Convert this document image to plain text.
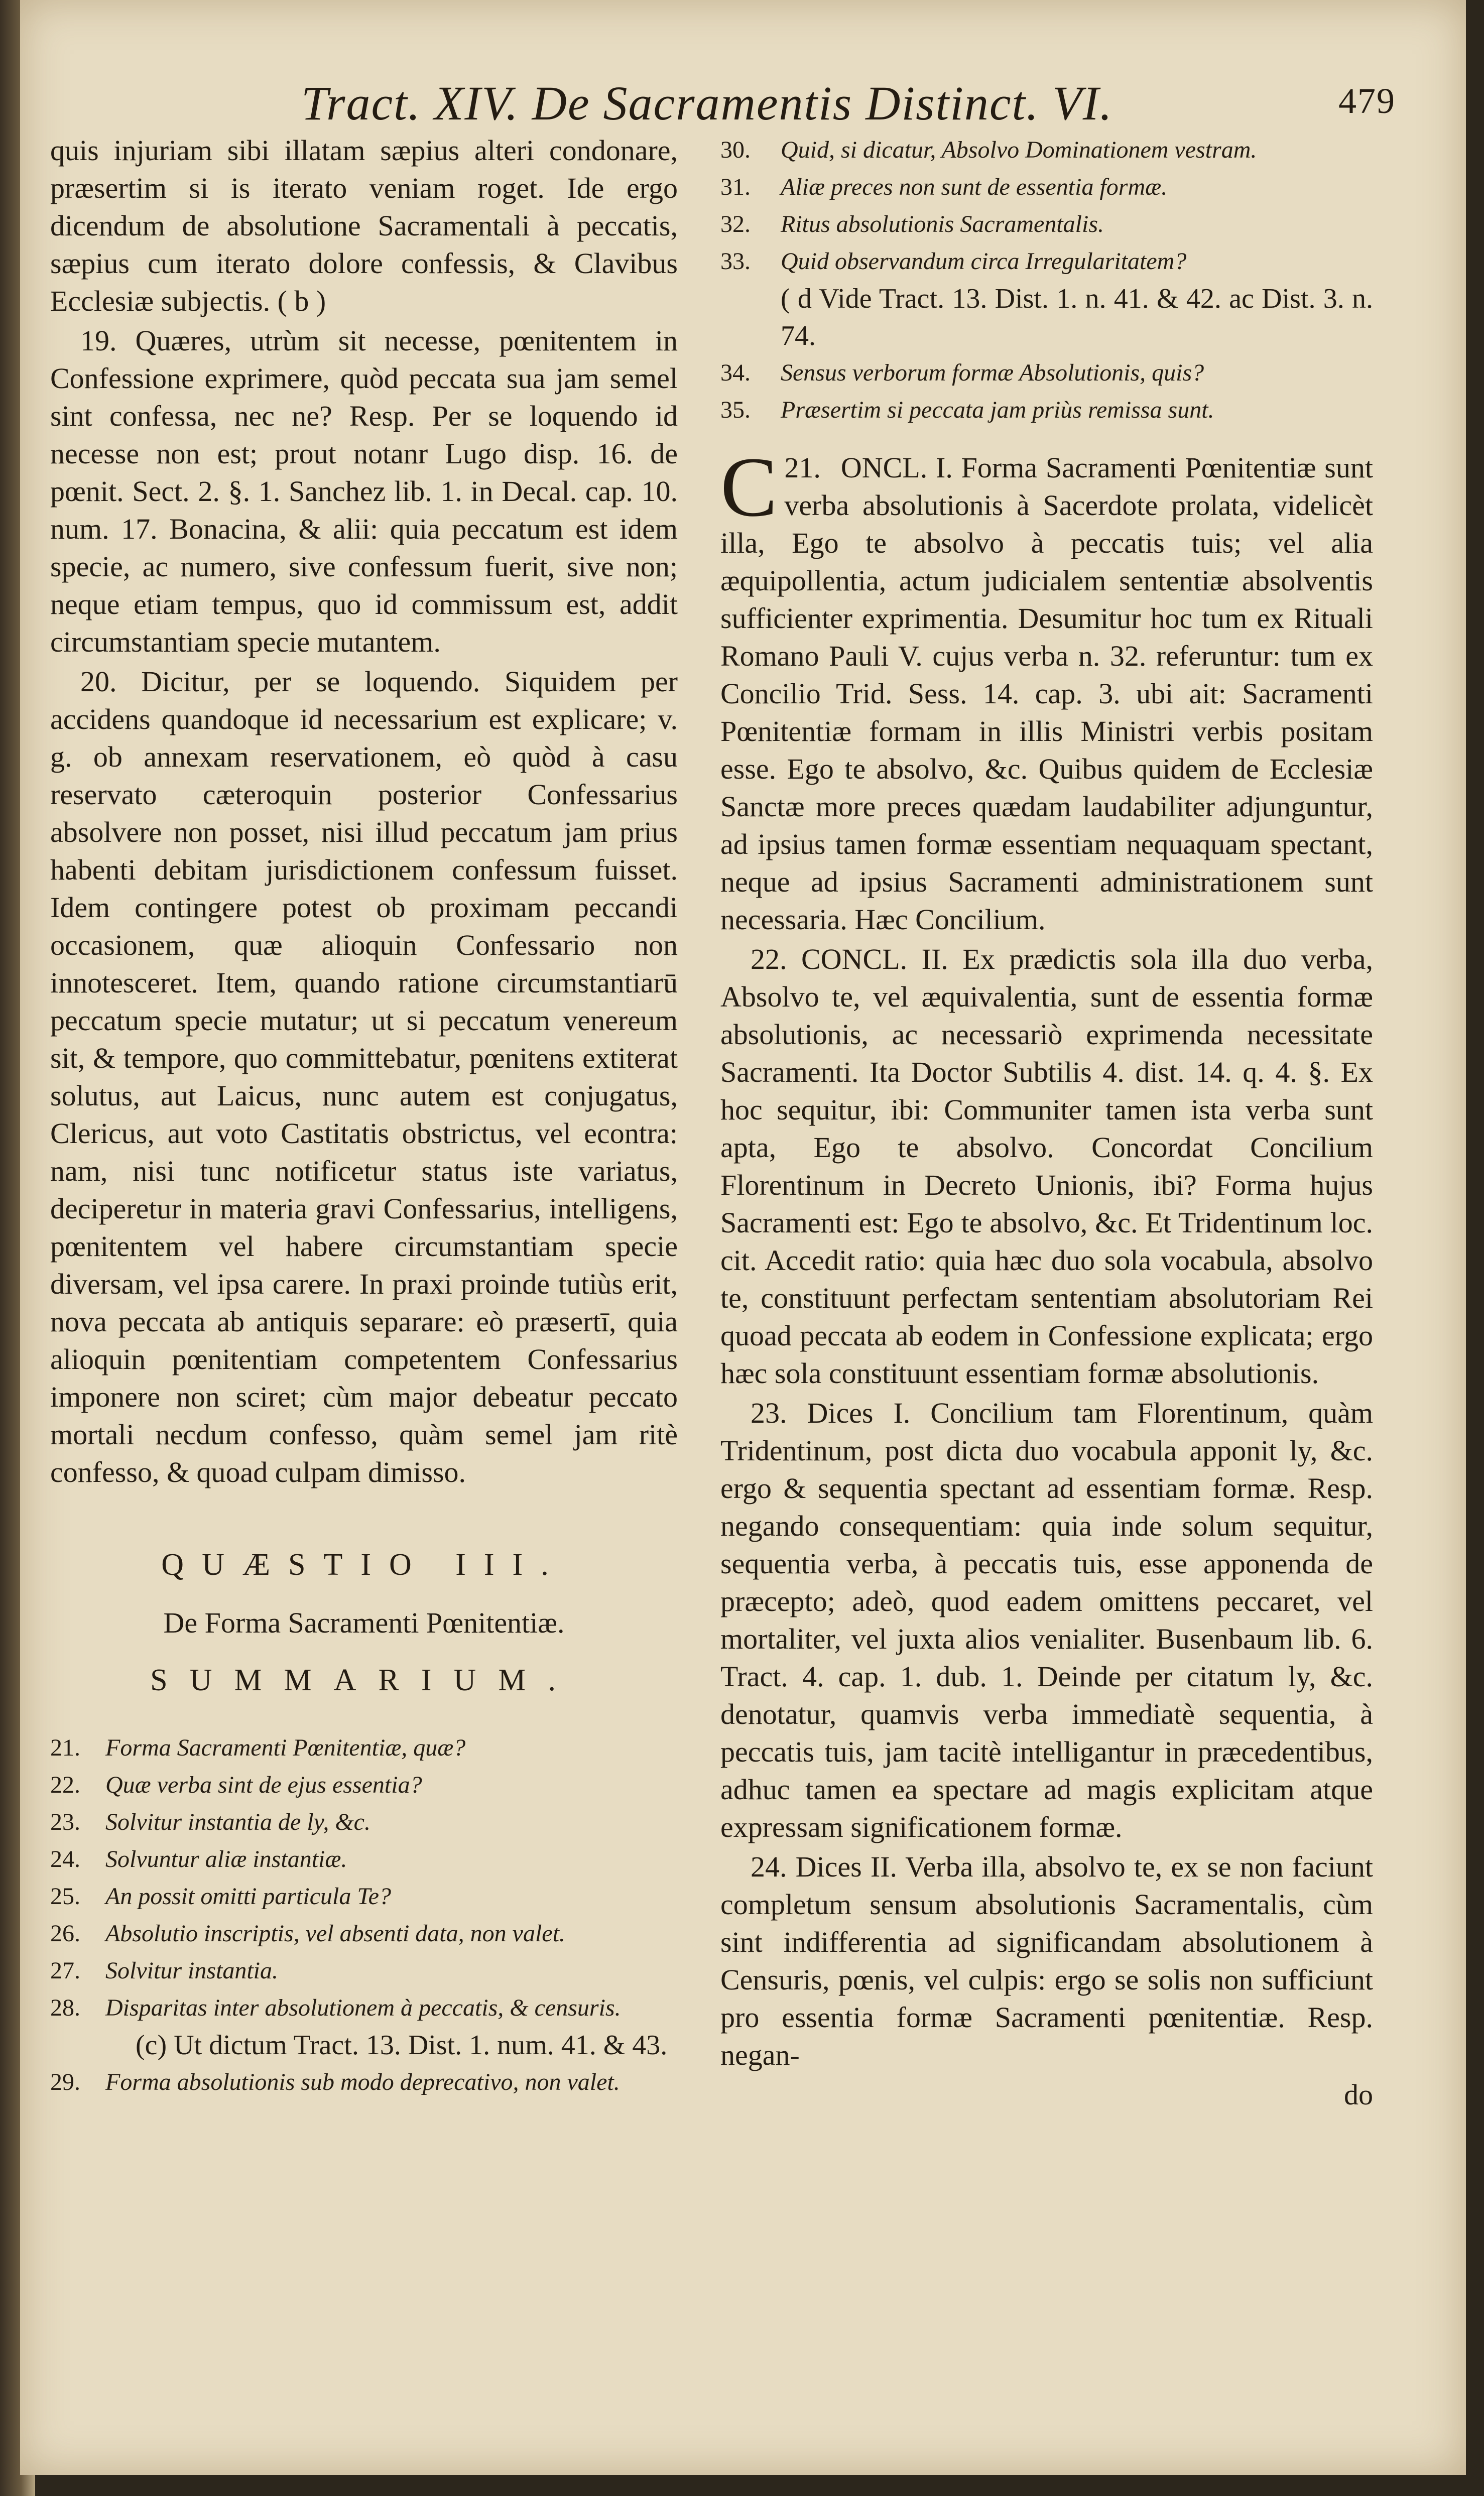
Tract. XIV. De Sacramentis Distinct. VI.	479

quis injuriam sibi illatam sæpius alteri condonare, præsertim si is iterato veniam roget. Ide ergo dicendum de absolutione Sacramentali à peccatis, sæpius cum iterato dolore confessis, & Clavibus Ecclesiæ subjectis. ( b )

19. Quæres, utrùm sit necesse, pœnitentem in Confessione exprimere, quòd peccata sua jam semel sint confessa, nec ne? Resp. Per se loquendo id necesse non est; prout notanr Lugo disp. 16. de pœnit. Sect. 2. §. 1. Sanchez lib. 1. in Decal. cap. 10. num. 17. Bonacina, & alii: quia peccatum est idem specie, ac numero, sive confessum fuerit, sive non; neque etiam tempus, quo id commissum est, addit circumstantiam specie mutantem.

20. Dicitur, per se loquendo. Siquidem per accidens quandoque id necessarium est explicare; v. g. ob annexam reservationem, eò quòd à casu reservato cæteroquin posterior Confessarius absolvere non posset, nisi illud peccatum jam prius habenti debitam jurisdictionem confessum fuisset. Idem contingere potest ob proximam peccandi occasionem, quæ alioquin Confessario non innotesceret. Item, quando ratione circumstantiarū peccatum specie mutatur; ut si peccatum venereum sit, & tempore, quo committebatur, pœnitens extiterat solutus, aut Laicus, nunc autem est conjugatus, Clericus, aut voto Castitatis obstrictus, vel econtra: nam, nisi tunc notificetur status iste variatus, deciperetur in materia gravi Confessarius, intelligens, pœnitentem vel habere circumstantiam specie diversam, vel ipsa carere. In praxi proinde tutiùs erit, nova peccata ab antiquis separare: eò præsertī, quia alioquin pœnitentiam competentem Confessarius imponere non sciret; cùm major debeatur peccato mortali necdum confesso, quàm semel jam ritè confesso, & quoad culpam dimisso.

QUÆSTIO III.

De Forma Sacramenti Pœnitentiæ.

SUMMARIUM.

21.	Forma Sacramenti Pœnitentiæ, quæ?
22.	Quæ verba sint de ejus essentia?
23.	Solvitur instantia de ly, &c.
24.	Solvuntur aliæ instantiæ.
25.	An possit omitti particula Te?
26.	Absolutio inscriptis, vel absenti data, non valet.
27.	Solvitur instantia.
28.	Disparitas inter absolutionem à peccatis, & censuris.
(c) Ut dictum Tract. 13. Dist. 1. num. 41. & 43.
29.	Forma absolutionis sub modo deprecativo, non valet.
30.	Quid, si dicatur, Absolvo Dominationem vestram.
31.	Aliæ preces non sunt de essentia formæ.
32.	Ritus absolutionis Sacramentalis.
33.	Quid observandum circa Irregularitatem?
( d Vide Tract. 13. Dist. 1. n. 41. & 42. ac Dist. 3. n. 74.
34.	Sensus verborum formæ Absolutionis, quis?
35.	Præsertim si peccata jam priùs remissa sunt.

21.
C ONCL. I. Forma Sacramenti Pœnitentiæ sunt verba absolutionis à Sacerdote prolata, videlicèt illa, Ego te absolvo à peccatis tuis; vel alia æquipollentia, actum judicialem sententiæ absolventis sufficienter exprimentia. Desumitur hoc tum ex Rituali Romano Pauli V. cujus verba n. 32. referuntur: tum ex Concilio Trid. Sess. 14. cap. 3. ubi ait: Sacramenti Pœnitentiæ formam in illis Ministri verbis positam esse. Ego te absolvo, &c. Quibus quidem de Ecclesiæ Sanctæ more preces quædam laudabiliter adjunguntur, ad ipsius tamen formæ essentiam nequaquam spectant, neque ad ipsius Sacramenti administrationem sunt necessaria. Hæc Concilium.

22. CONCL. II. Ex prædictis sola illa duo verba, Absolvo te, vel æquivalentia, sunt de essentia formæ absolutionis, ac necessariò exprimenda necessitate Sacramenti. Ita Doctor Subtilis 4. dist. 14. q. 4. §. Ex hoc sequitur, ibi: Communiter tamen ista verba sunt apta, Ego te absolvo. Concordat Concilium Florentinum in Decreto Unionis, ibi? Forma hujus Sacramenti est: Ego te absolvo, &c. Et Tridentinum loc. cit. Accedit ratio: quia hæc duo sola vocabula, absolvo te, constituunt perfectam sententiam absolutoriam Rei quoad peccata ab eodem in Confessione explicata; ergo hæc sola constituunt essentiam formæ absolutionis.

23. Dices I. Concilium tam Florentinum, quàm Tridentinum, post dicta duo vocabula apponit ly, &c. ergo & sequentia spectant ad essentiam formæ. Resp. negando consequentiam: quia inde solum sequitur, sequentia verba, à peccatis tuis, esse apponenda de præcepto; adeò, quod eadem omittens peccaret, vel mortaliter, vel juxta alios venialiter. Busenbaum lib. 6. Tract. 4. cap. 1. dub. 1. Deinde per citatum ly, &c. denotatur, quamvis verba immediatè sequentia, à peccatis tuis, jam tacitè intelligantur in præcedentibus, adhuc tamen ea spectare ad magis explicitam atque expressam significationem formæ.

24. Dices II. Verba illa, absolvo te, ex se non faciunt completum sensum absolutionis Sacramentalis, cùm sint indifferentia ad significandam absolutionem à Censuris, pœnis, vel culpis: ergo se solis non sufficiunt pro essentia formæ Sacramenti pœnitentiæ. Resp. negan-

do
